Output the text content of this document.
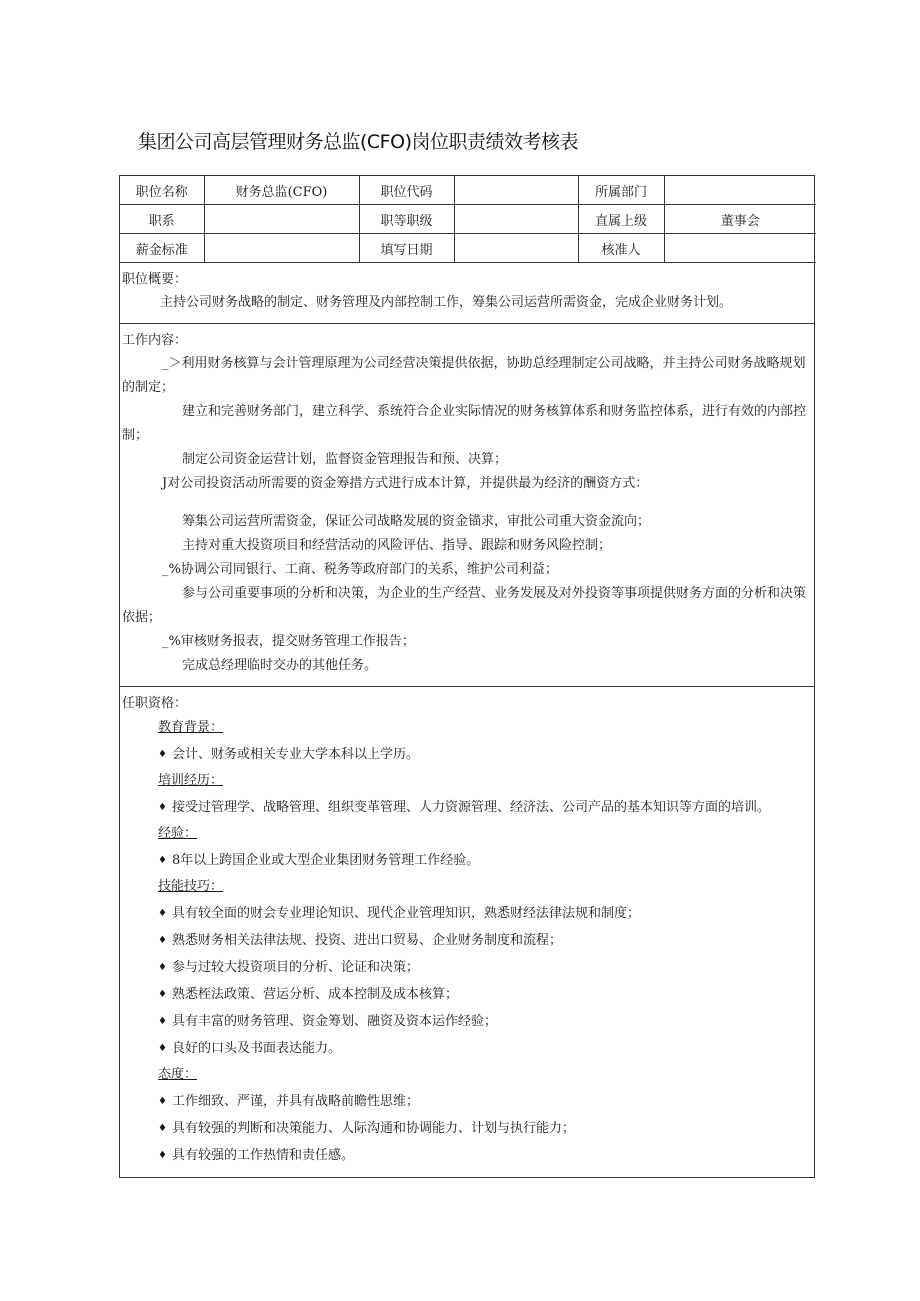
集团公司高层管理财务总监(CFO)岗位职责绩效考核表
职位名称	财务总监(CFO)	职位代码		所属部门	
职系		职等职级		直属上级	董事会
薪金标准		填写日期		核准人	
职位概要：
主持公司财务战略的制定、财务管理及内部控制工作，筹集公司运营所需资金，完成企业财务计划。
工作内容：
_＞利用财务核算与会计管理原理为公司经营决策提供依据，协助总经理制定公司战略，并主持公司财务战略规划的制定；
建立和完善财务部门，建立科学、系统符合企业实际情况的财务核算体系和财务监控体系，进行有效的内部控制；
制定公司资金运营计划，监督资金管理报告和预、决算；
J对公司投资活动所需要的资金筹措方式进行成本计算，并提供最为经济的酬资方式：
筹集公司运营所需资金，保证公司战略发展的资金锚求，审批公司重大资金流向；
主持对重大投资项目和经营活动的风险评估、指导、跟踪和财务风险控制；
_%协调公司同银行、工商、税务等政府部门的关系，维护公司利益；
参与公司重要事项的分析和决策，为企业的生产经营、业务发展及对外投资等事项提供财务方面的分析和决策依据；
_%审核财务报表，提交财务管理工作报告；
完成总经理临时交办的其他任务。
任职资格：
教育背景：
♦ 会计、财务或相关专业大学本科以上学历。
培训经历：
♦ 接受过管理学、战略管理、组织变革管理、人力资源管理、经济法、公司产品的基本知识等方面的培训。
经验：
♦ 8年以上跨国企业或大型企业集团财务管理工作经验。
技能技巧：
♦ 具有较全面的财会专业理论知识、现代企业管理知识，熟悉财经法律法规和制度；
♦ 熟悉财务相关法律法规、投资、进出口贸易、企业财务制度和流程；
♦ 参与过较大投资项目的分析、论证和决策；
♦ 熟悉桎法政策、营运分析、成本控制及成本核算；
♦ 具有丰富的财务管理、资金筹划、融资及资本运作经验；
♦ 良好的口头及书面表达能力。
态度：
♦ 工作细致、严谨，并具有战略前瞻性思维；
♦ 具有较强的判断和决策能力、人际沟通和协调能力、计划与执行能力；
♦ 具有较强的工作热情和责任感。
